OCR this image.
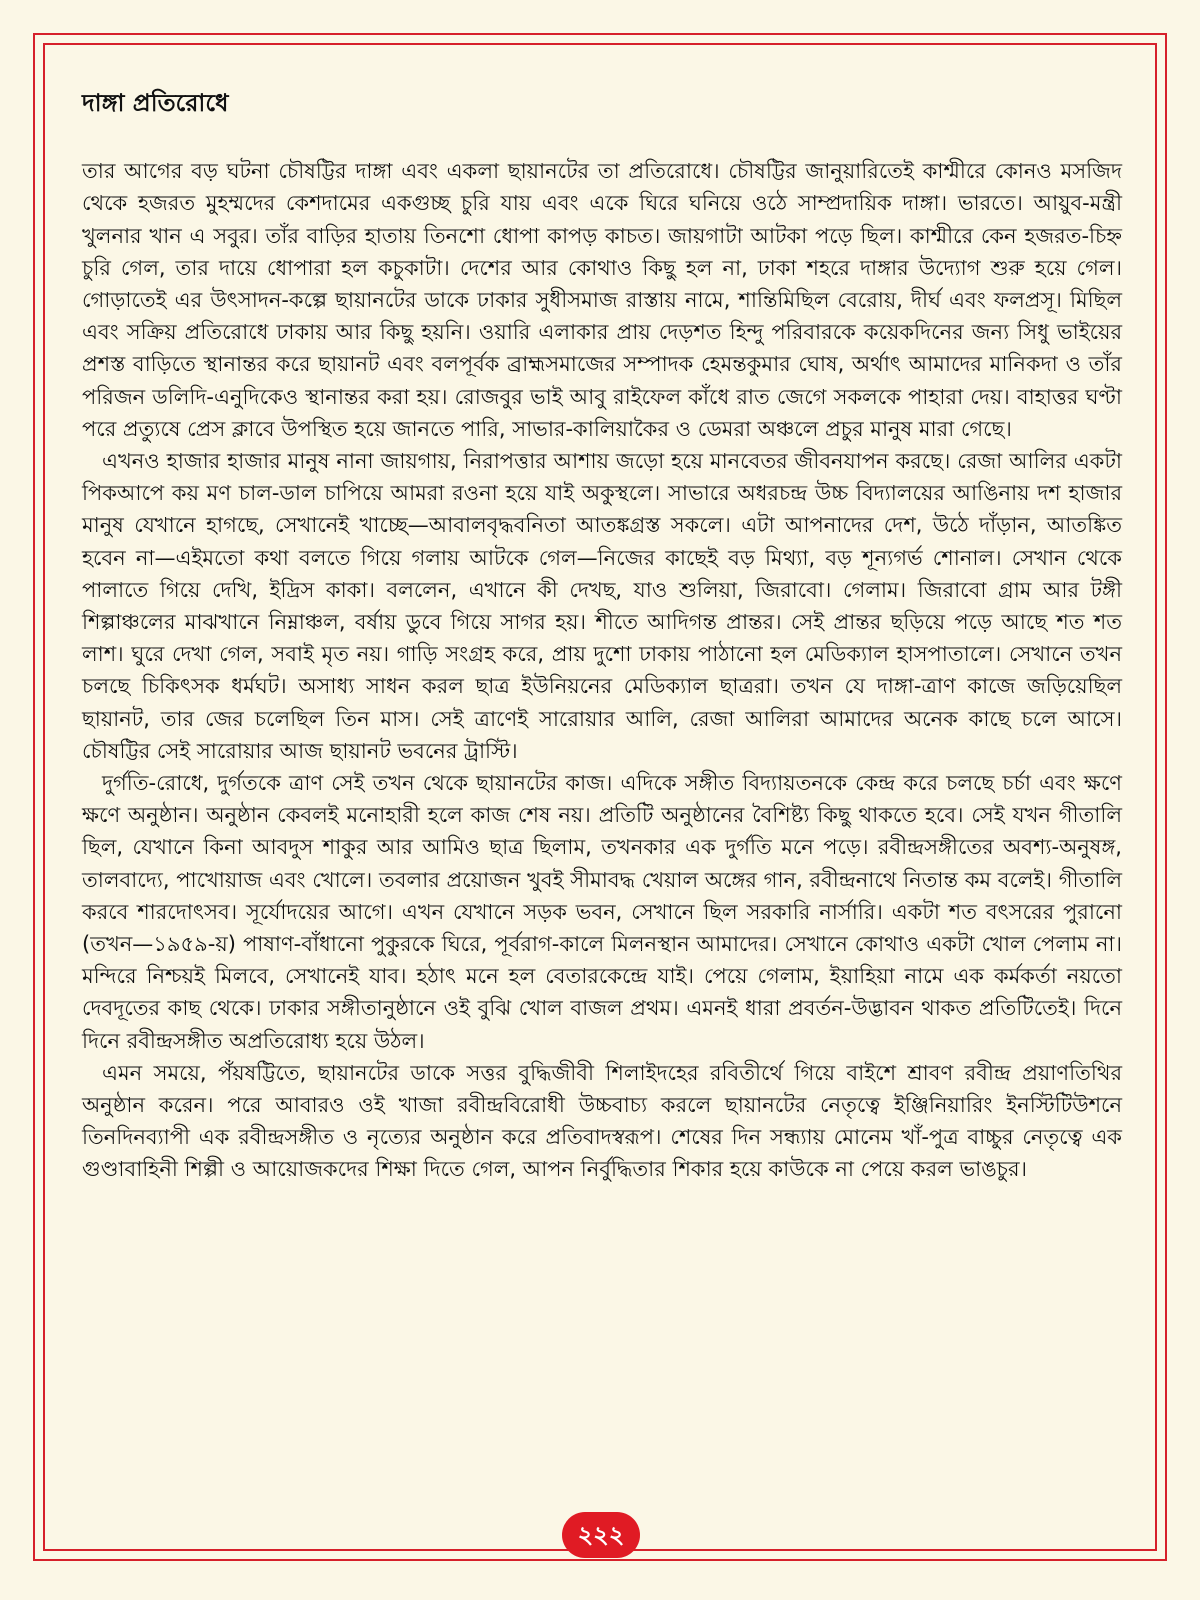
দাঙ্গা প্রতিরোধে

তার আগের বড় ঘটনা চৌষট্টির দাঙ্গা এবং একলা ছায়ানটের তা প্রতিরোধে। চৌষট্টির জানুয়ারিতেই কাশ্মীরে কোনও মসজিদ থেকে হজরত মুহম্মদের কেশদামের একগুচ্ছ চুরি যায় এবং একে ঘিরে ঘনিয়ে ওঠে সাম্প্রদায়িক দাঙ্গা। ভারতে। আয়ুব-মন্ত্রী খুলনার খান এ সবুর। তাঁর বাড়ির হাতায় তিনশো ধোপা কাপড় কাচত। জায়গাটা আটকা পড়ে ছিল। কাশ্মীরে কেন হজরত-চিহ্ন চুরি গেল, তার দায়ে ধোপারা হল কচুকাটা। দেশের আর কোথাও কিছু হল না, ঢাকা শহরে দাঙ্গার উদ্যোগ শুরু হয়ে গেল। গোড়াতেই এর উৎসাদন-কল্পে ছায়ানটের ডাকে ঢাকার সুধীসমাজ রাস্তায় নামে, শান্তিমিছিল বেরোয়, দীর্ঘ এবং ফলপ্রসূ। মিছিল এবং সক্রিয় প্রতিরোধে ঢাকায় আর কিছু হয়নি। ওয়ারি এলাকার প্রায় দেড়শত হিন্দু পরিবারকে কয়েকদিনের জন্য সিধু ভাইয়ের প্রশস্ত বাড়িতে স্থানান্তর করে ছায়ানট এবং বলপূর্বক ব্রাহ্মসমাজের সম্পাদক হেমন্তকুমার ঘোষ, অর্থাৎ আমাদের মানিকদা ও তাঁর পরিজন ডলিদি-এনুদিকেও স্থানান্তর করা হয়। রোজবুর ভাই আবু রাইফেল কাঁধে রাত জেগে সকলকে পাহারা দেয়। বাহাত্তর ঘণ্টা পরে প্রত্যুষে প্রেস ক্লাবে উপস্থিত হয়ে জানতে পারি, সাভার-কালিয়াকৈর ও ডেমরা অঞ্চলে প্রচুর মানুষ মারা গেছে।

এখনও হাজার হাজার মানুষ নানা জায়গায়, নিরাপত্তার আশায় জড়ো হয়ে মানবেতর জীবনযাপন করছে। রেজা আলির একটা পিকআপে কয় মণ চাল-ডাল চাপিয়ে আমরা রওনা হয়ে যাই অকুস্থলে। সাভারে অধরচন্দ্র উচ্চ বিদ্যালয়ের আঙিনায় দশ হাজার মানুষ যেখানে হাগছে, সেখানেই খাচ্ছে—আবালবৃদ্ধবনিতা আতঙ্কগ্রস্ত সকলে। এটা আপনাদের দেশ, উঠে দাঁড়ান, আতঙ্কিত হবেন না—এইমতো কথা বলতে গিয়ে গলায় আটকে গেল—নিজের কাছেই বড় মিথ্যা, বড় শূন্যগর্ভ শোনাল। সেখান থেকে পালাতে গিয়ে দেখি, ইদ্রিস কাকা। বললেন, এখানে কী দেখছ, যাও শুলিয়া, জিরাবো। গেলাম। জিরাবো গ্রাম আর টঙ্গী শিল্পাঞ্চলের মাঝখানে নিম্নাঞ্চল, বর্ষায় ডুবে গিয়ে সাগর হয়। শীতে আদিগন্ত প্রান্তর। সেই প্রান্তর ছড়িয়ে পড়ে আছে শত শত লাশ। ঘুরে দেখা গেল, সবাই মৃত নয়। গাড়ি সংগ্রহ করে, প্রায় দুশো ঢাকায় পাঠানো হল মেডিক্যাল হাসপাতালে। সেখানে তখন চলছে চিকিৎসক ধর্মঘট। অসাধ্য সাধন করল ছাত্র ইউনিয়নের মেডিক্যাল ছাত্ররা। তখন যে দাঙ্গা-ত্রাণ কাজে জড়িয়েছিল ছায়ানট, তার জের চলেছিল তিন মাস। সেই ত্রাণেই সারোয়ার আলি, রেজা আলিরা আমাদের অনেক কাছে চলে আসে। চৌষট্টির সেই সারোয়ার আজ ছায়ানট ভবনের ট্রাস্টি।

দুর্গতি-রোধে, দুর্গতকে ত্রাণ সেই তখন থেকে ছায়ানটের কাজ। এদিকে সঙ্গীত বিদ্যায়তনকে কেন্দ্র করে চলছে চর্চা এবং ক্ষণে ক্ষণে অনুষ্ঠান। অনুষ্ঠান কেবলই মনোহারী হলে কাজ শেষ নয়। প্রতিটি অনুষ্ঠানের বৈশিষ্ট্য কিছু থাকতে হবে। সেই যখন গীতালি ছিল, যেখানে কিনা আবদুস শাকুর আর আমিও ছাত্র ছিলাম, তখনকার এক দুর্গতি মনে পড়ে। রবীন্দ্রসঙ্গীতের অবশ্য-অনুষঙ্গ, তালবাদ্যে, পাখোয়াজ এবং খোলে। তবলার প্রয়োজন খুবই সীমাবদ্ধ খেয়াল অঙ্গের গান, রবীন্দ্রনাথে নিতান্ত কম বলেই। গীতালি করবে শারদোৎসব। সূর্যোদয়ের আগে। এখন যেখানে সড়ক ভবন, সেখানে ছিল সরকারি নার্সারি। একটা শত বৎসরের পুরানো (তখন—১৯৫৯-য়) পাষাণ-বাঁধানো পুকুরকে ঘিরে, পূর্বরাগ-কালে মিলনস্থান আমাদের। সেখানে কোথাও একটা খোল পেলাম না। মন্দিরে নিশ্চয়ই মিলবে, সেখানেই যাব। হঠাৎ মনে হল বেতারকেন্দ্রে যাই। পেয়ে গেলাম, ইয়াহিয়া নামে এক কর্মকর্তা নয়তো দেবদূতের কাছ থেকে। ঢাকার সঙ্গীতানুষ্ঠানে ওই বুঝি খোল বাজল প্রথম। এমনই ধারা প্রবর্তন-উদ্ভাবন থাকত প্রতিটিতেই। দিনে দিনে রবীন্দ্রসঙ্গীত অপ্রতিরোধ্য হয়ে উঠল।

এমন সময়ে, পঁয়ষট্টিতে, ছায়ানটের ডাকে সত্তর বুদ্ধিজীবী শিলাইদহের রবিতীর্থে গিয়ে বাইশে শ্রাবণ রবীন্দ্র প্রয়াণতিথির অনুষ্ঠান করেন। পরে আবারও ওই খাজা রবীন্দ্রবিরোধী উচ্চবাচ্য করলে ছায়ানটের নেতৃত্বে ইঞ্জিনিয়ারিং ইনস্টিটিউশনে তিনদিনব্যাপী এক রবীন্দ্রসঙ্গীত ও নৃত্যের অনুষ্ঠান করে প্রতিবাদস্বরূপ। শেষের দিন সন্ধ্যায় মোনেম খাঁ-পুত্র বাচ্চুর নেতৃত্বে এক গুণ্ডাবাহিনী শিল্পী ও আয়োজকদের শিক্ষা দিতে গেল, আপন নির্বুদ্ধিতার শিকার হয়ে কাউকে না পেয়ে করল ভাঙচুর।

২২২
